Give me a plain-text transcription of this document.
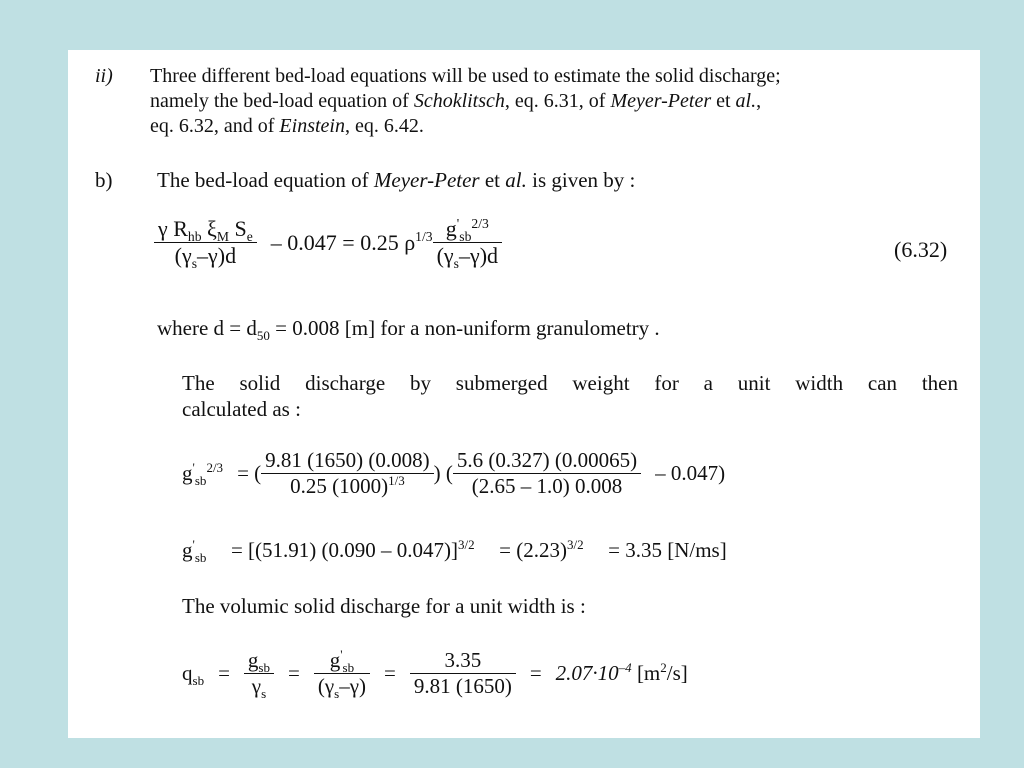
ii) Three different bed-load equations will be used to estimate the solid discharge;
namely the bed-load equation of Schoklitsch, eq. 6.31, of Meyer-Peter et al.,
eq. 6.32, and of Einstein, eq. 6.42.
b) The bed-load equation of Meyer-Peter et al. is given by :
$\frac{\gamma R_{hb} \xi_M S_e}{(\gamma_s-\gamma)d} - 0.047 = 0.25$ $\rho^{1/3} \frac{g'_{sb}^{2/3}}{(\gamma_s-\gamma)d}$	(6.32)
where $d = d_{50} = 0.008$ [m] for a non-uniform granulometry .
The solid discharge by submerged weight for a unit width can then
calculated as :
$g'_{sb}^{2/3}$ = ( $\frac{9.81 (1650) (0.008)}{0.25 (1000)^{1/3}}$ ) ( $\frac{5.6 (0.327) (0.00065)}{(2.65 - 1.0) 0.008} - 0.047$)
$g'_{sb} = [(51.91)$ $(0.090 - 0.047)]^{3/2} = (2.23)^{3/2} = 3.35$ [N/ms]
The volumic solid discharge for a unit width is :
$q_{sb} = \frac{g_{sb}}{\gamma_s} = \frac{g'_{sb}}{(\gamma_s-\gamma)} = \frac{3.35}{9.81 (1650)} = 2.07\cdot 10^{-4}$ $[m^2/s]$
